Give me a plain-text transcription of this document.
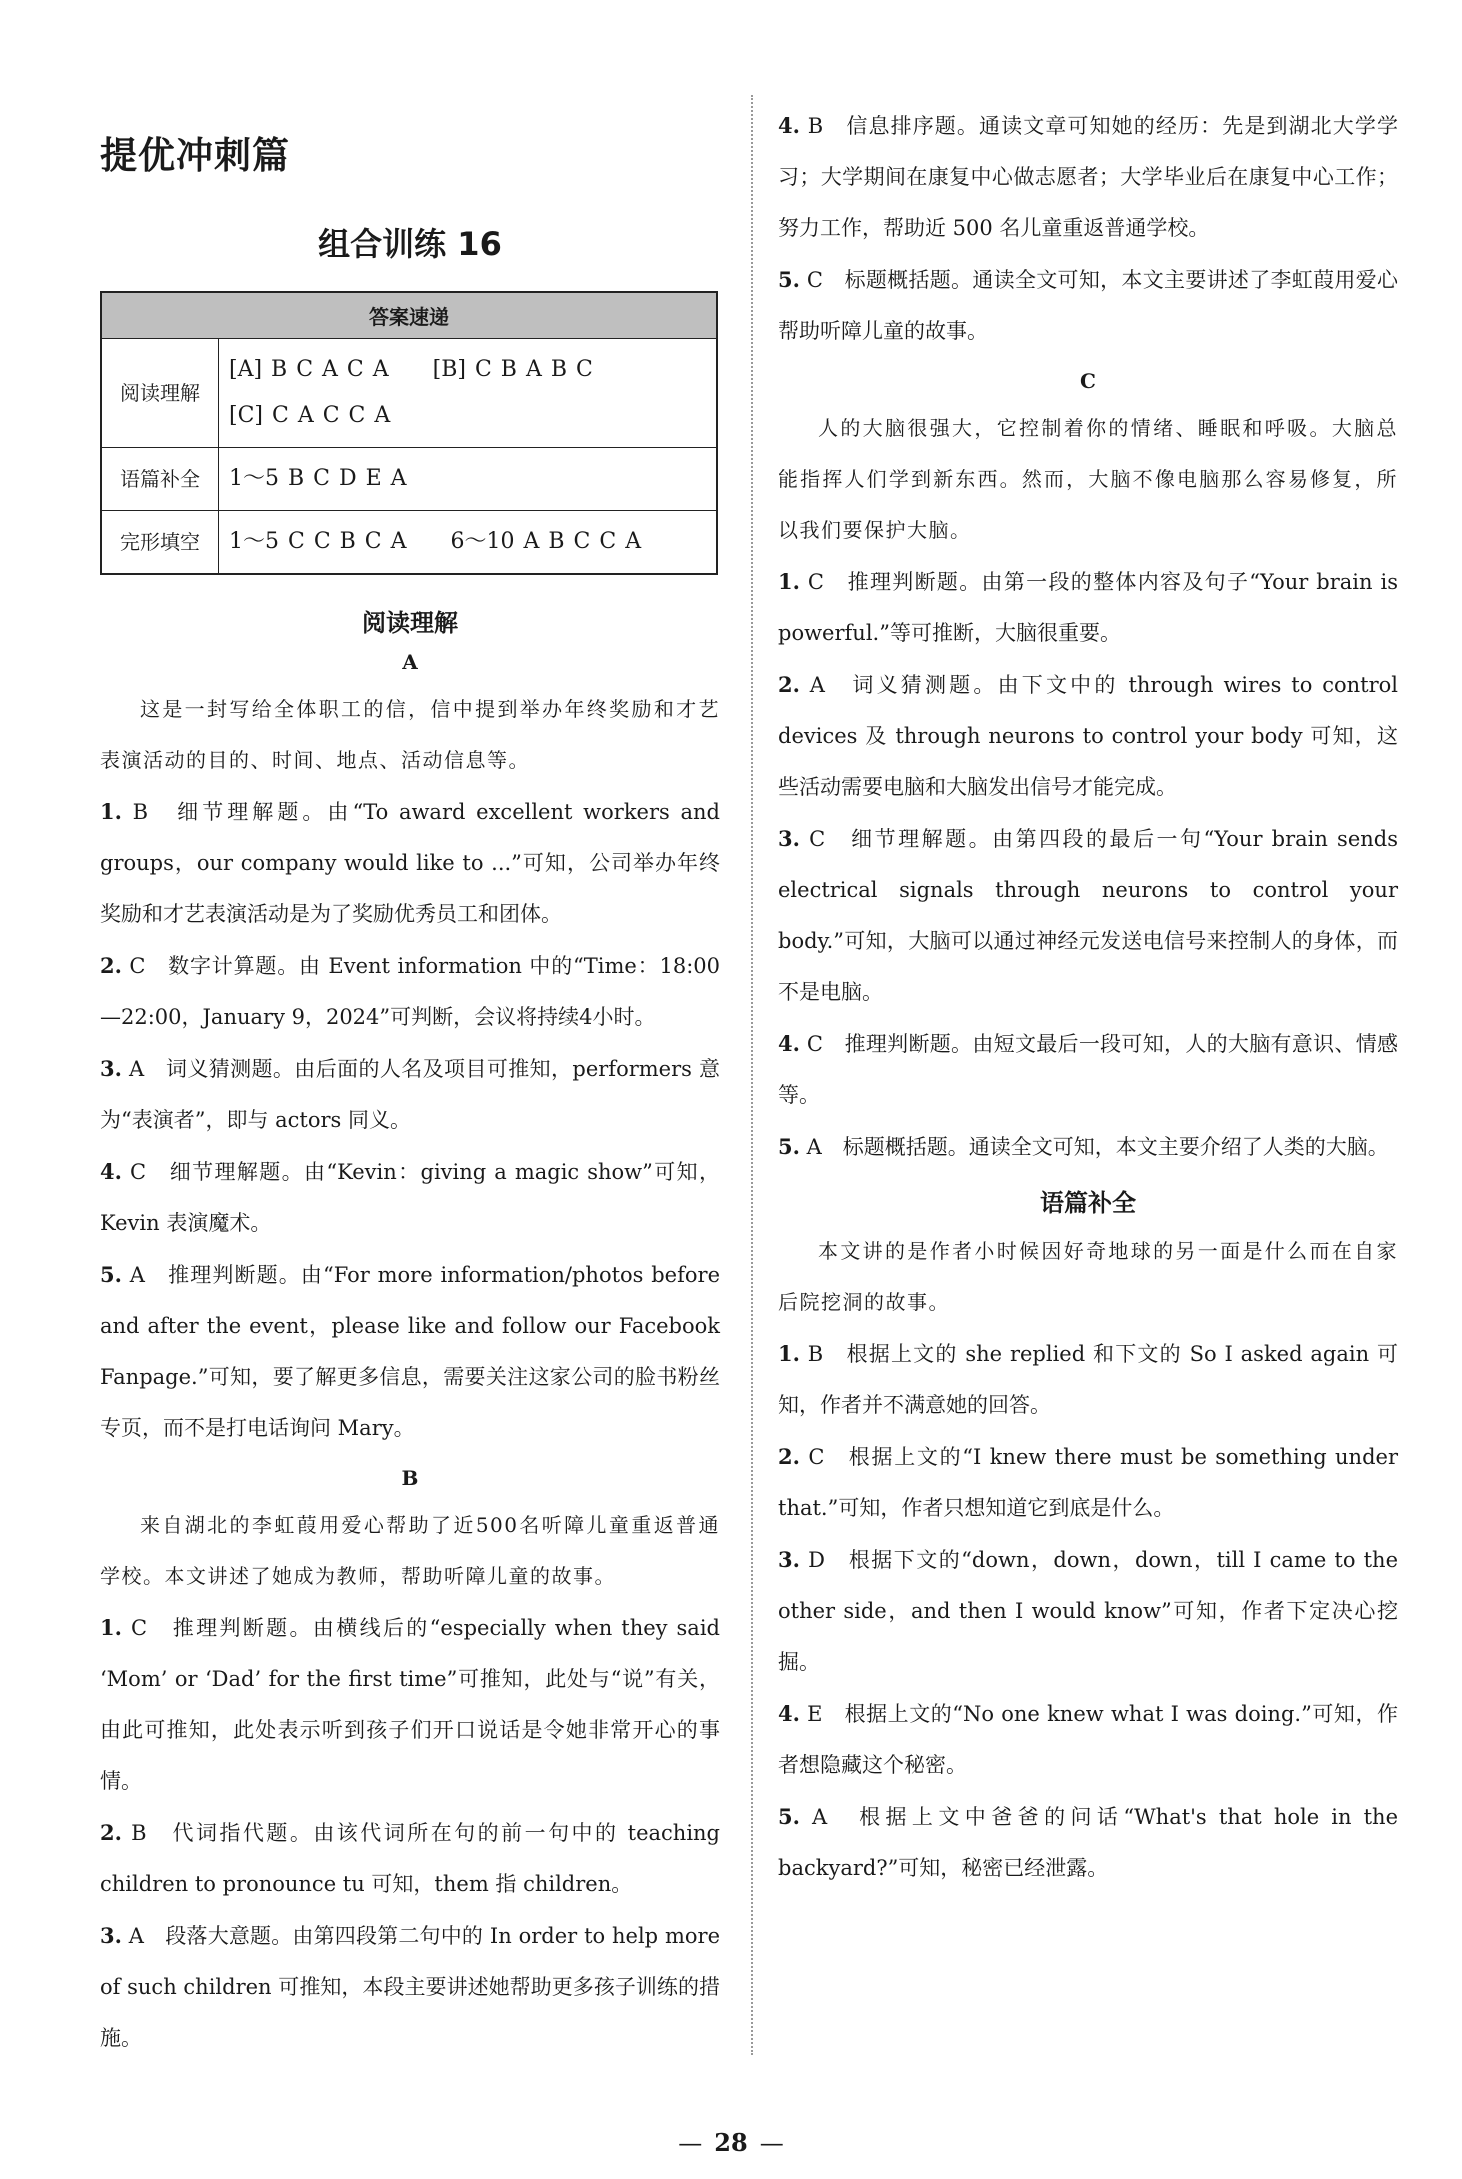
提优冲刺篇
组合训练 16
答案速递	
阅读理解	[A] B C A C A　　[B] C B A B C
[C] C A C C A

语篇补全	1～5 B C D E A

完形填空	1～5 C C B C A　　6～10 A B C C A
阅读理解
A

这是一封写给全体职工的信，信中提到举办年终奖励和才艺表演活动的目的、时间、地点、活动信息等。

1. B　细节理解题。由“To award excellent workers and groups，our company would like to ...”可知，公司举办年终奖励和才艺表演活动是为了奖励优秀员工和团体。

2. C　数字计算题。由 Event information 中的“Time：18:00—22:00，January 9，2024”可判断，会议将持续4小时。

3. A　词义猜测题。由后面的人名及项目可推知，performers 意为“表演者”，即与 actors 同义。

4. C　细节理解题。由“Kevin：giving a magic show”可知，Kevin 表演魔术。

5. A　推理判断题。由“For more information/photos before and after the event，please like and follow our Facebook Fanpage.”可知，要了解更多信息，需要关注这家公司的脸书粉丝专页，而不是打电话询问 Mary。

B

来自湖北的李虹葭用爱心帮助了近500名听障儿童重返普通学校。本文讲述了她成为教师，帮助听障儿童的故事。

1. C　推理判断题。由横线后的“especially when they said ‘Mom’ or ‘Dad’ for the first time”可推知，此处与“说”有关，由此可推知，此处表示听到孩子们开口说话是令她非常开心的事情。

2. B　代词指代题。由该代词所在句的前一句中的 teaching children to pronounce tu 可知，them 指 children。

3. A　段落大意题。由第四段第二句中的 In order to help more of such children 可推知，本段主要讲述她帮助更多孩子训练的措施。

4. B　信息排序题。通读文章可知她的经历：先是到湖北大学学习；大学期间在康复中心做志愿者；大学毕业后在康复中心工作；努力工作，帮助近 500 名儿童重返普通学校。

5. C　标题概括题。通读全文可知，本文主要讲述了李虹葭用爱心帮助听障儿童的故事。

C

人的大脑很强大，它控制着你的情绪、睡眠和呼吸。大脑总能指挥人们学到新东西。然而，大脑不像电脑那么容易修复，所以我们要保护大脑。

1. C　推理判断题。由第一段的整体内容及句子“Your brain is powerful.”等可推断，大脑很重要。

2. A　词义猜测题。由下文中的 through wires to control devices 及 through neurons to control your body 可知，这些活动需要电脑和大脑发出信号才能完成。

3. C　细节理解题。由第四段的最后一句“Your brain sends electrical signals through neurons to control your body.”可知，大脑可以通过神经元发送电信号来控制人的身体，而不是电脑。

4. C　推理判断题。由短文最后一段可知，人的大脑有意识、情感等。

5. A　标题概括题。通读全文可知，本文主要介绍了人类的大脑。

语篇补全

本文讲的是作者小时候因好奇地球的另一面是什么而在自家后院挖洞的故事。

1. B　根据上文的 she replied 和下文的 So I asked again 可知，作者并不满意她的回答。

2. C　根据上文的“I knew there must be something under that.”可知，作者只想知道它到底是什么。

3. D　根据下文的“down，down，down，till I came to the other side，and then I would know”可知，作者下定决心挖掘。

4. E　根据上文的“No one knew what I was doing.”可知，作者想隐藏这个秘密。

5. A　根据上文中爸爸的问话“What's that hole in the backyard?”可知，秘密已经泄露。

— 28 —
